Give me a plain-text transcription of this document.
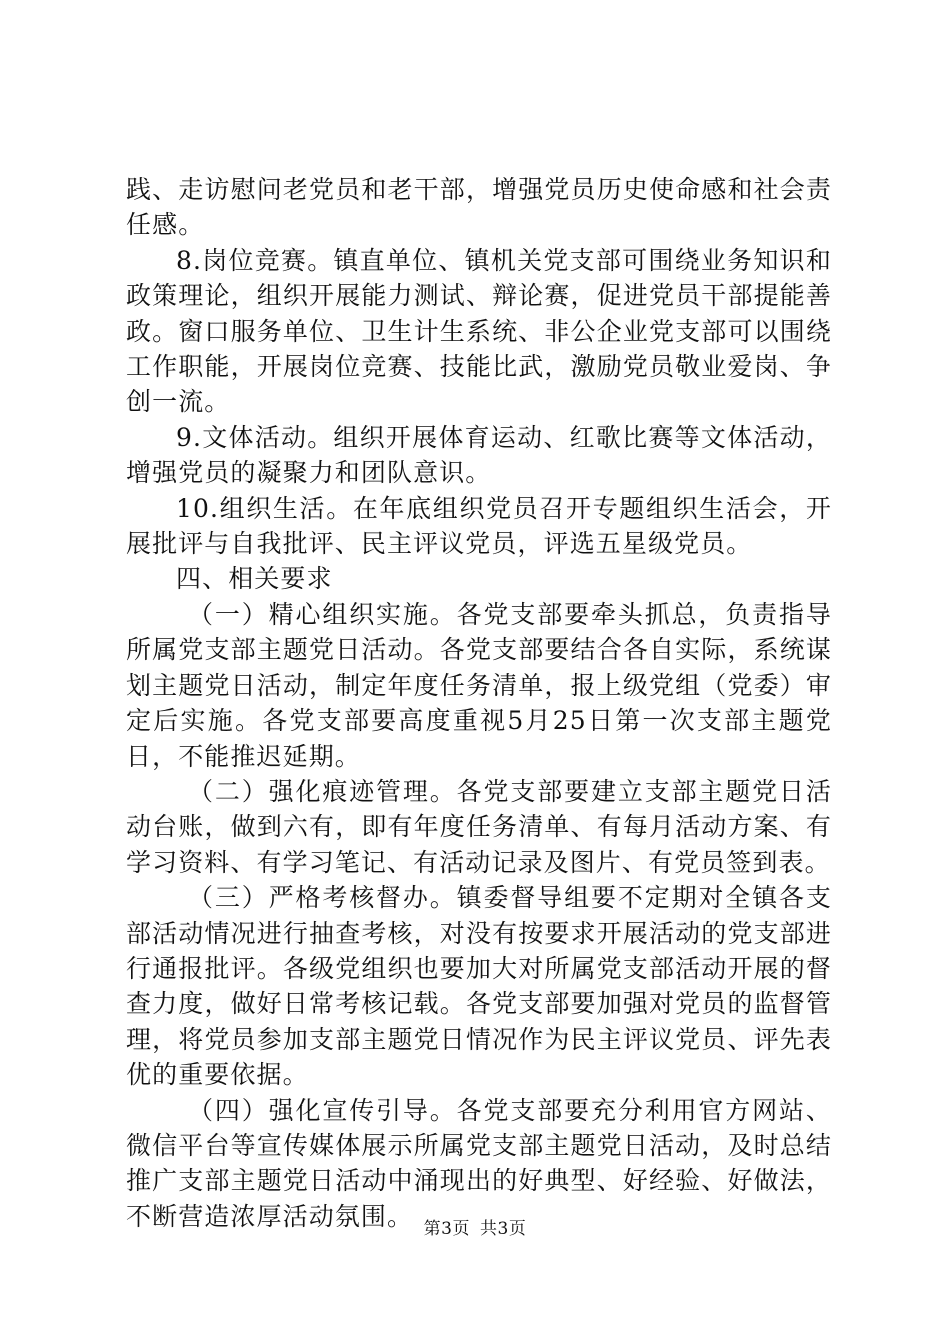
践、走访慰问老党员和老干部，增强党员历史使命感和社会责任感。

8.岗位竞赛。镇直单位、镇机关党支部可围绕业务知识和政策理论，组织开展能力测试、辩论赛，促进党员干部提能善政。窗口服务单位、卫生计生系统、非公企业党支部可以围绕工作职能，开展岗位竞赛、技能比武，激励党员敬业爱岗、争创一流。

9.文体活动。组织开展体育运动、红歌比赛等文体活动，增强党员的凝聚力和团队意识。

10.组织生活。在年底组织党员召开专题组织生活会，开展批评与自我批评、民主评议党员，评选五星级党员。

四、相关要求

（一）精心组织实施。各党支部要牵头抓总，负责指导所属党支部主题党日活动。各党支部要结合各自实际，系统谋划主题党日活动，制定年度任务清单，报上级党组（党委）审定后实施。各党支部要高度重视5月25日第一次支部主题党日，不能推迟延期。

（二）强化痕迹管理。各党支部要建立支部主题党日活动台账，做到六有，即有年度任务清单、有每月活动方案、有学习资料、有学习笔记、有活动记录及图片、有党员签到表。

（三）严格考核督办。镇委督导组要不定期对全镇各支部活动情况进行抽查考核，对没有按要求开展活动的党支部进行通报批评。各级党组织也要加大对所属党支部活动开展的督查力度，做好日常考核记载。各党支部要加强对党员的监督管理，将党员参加支部主题党日情况作为民主评议党员、评先表优的重要依据。

（四）强化宣传引导。各党支部要充分利用官方网站、微信平台等宣传媒体展示所属党支部主题党日活动，及时总结推广支部主题党日活动中涌现出的好典型、好经验、好做法，不断营造浓厚活动氛围。 第3页 共3页
